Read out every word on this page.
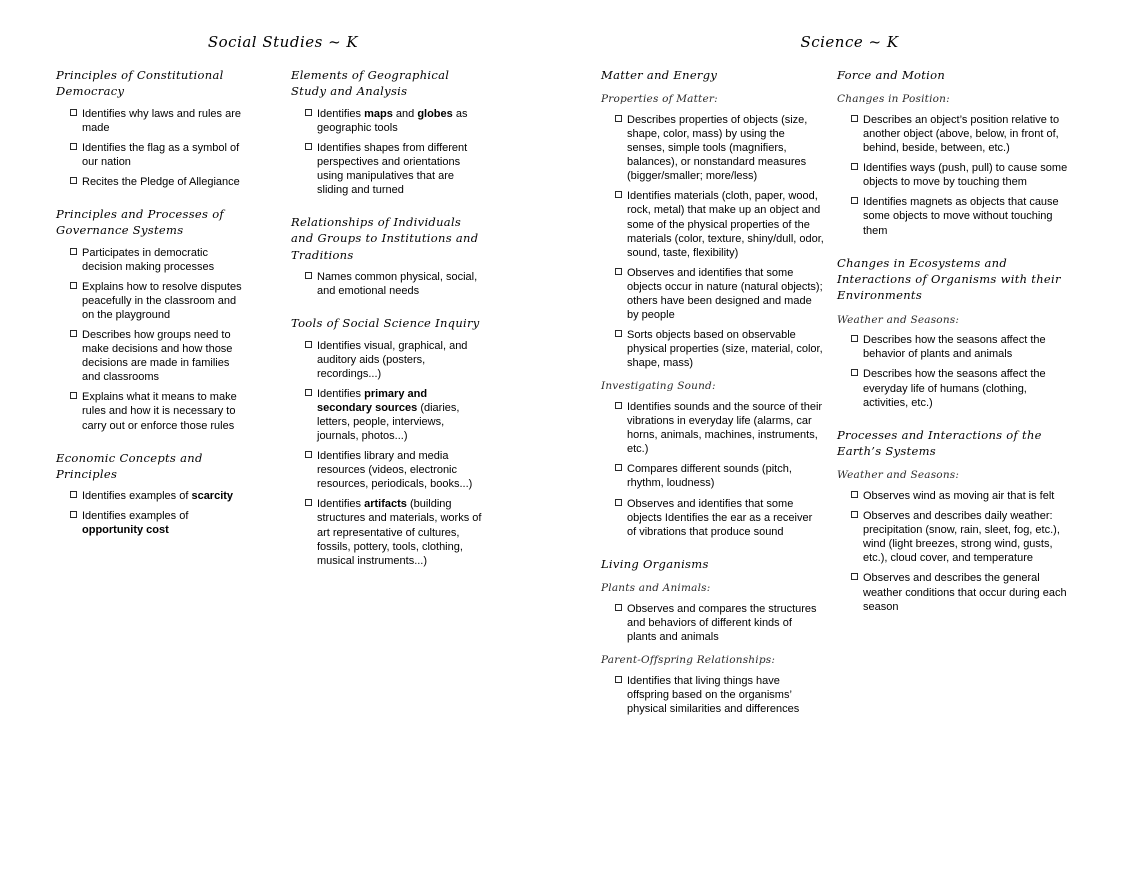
Social Studies ~ K
Principles of Constitutional Democracy
Identifies why laws and rules are made
Identifies the flag as a symbol of our nation
Recites the Pledge of Allegiance
Principles and Processes of Governance Systems
Participates in democratic decision making processes
Explains how to resolve disputes peacefully in the classroom and on the playground
Describes how groups need to make decisions and how those decisions are made in families and classrooms
Explains what it means to make rules and how it is necessary to carry out or enforce those rules
Economic Concepts and Principles
Identifies examples of scarcity
Identifies examples of opportunity cost
Elements of Geographical Study and Analysis
Identifies maps and globes as geographic tools
Identifies shapes from different perspectives and orientations using manipulatives that are sliding and turned
Relationships of Individuals and Groups to Institutions and Traditions
Names common physical, social, and emotional needs
Tools of Social Science Inquiry
Identifies visual, graphical, and auditory aids (posters, recordings...)
Identifies primary and secondary sources (diaries, letters, people, interviews, journals, photos...)
Identifies library and media resources (videos, electronic resources, periodicals, books...)
Identifies artifacts (building structures and materials, works of art representative of cultures, fossils, pottery, tools, clothing, musical instruments...)
Science ~ K
Matter and Energy
Properties of Matter:
Describes properties of objects (size, shape, color, mass) by using the senses, simple tools (magnifiers, balances), or nonstandard measures (bigger/smaller; more/less)
Identifies materials (cloth, paper, wood, rock, metal) that make up an object and some of the physical properties of the materials (color, texture, shiny/dull, odor, sound, taste, flexibility)
Observes and identifies that some objects occur in nature (natural objects); others have been designed and made by people
Sorts objects based on observable physical properties (size, material, color, shape, mass)
Investigating Sound:
Identifies sounds and the source of their vibrations in everyday life (alarms, car horns, animals, machines, instruments, etc.)
Compares different sounds (pitch, rhythm, loudness)
Observes and identifies that some objects Identifies the ear as a receiver of vibrations that produce sound
Living Organisms
Plants and Animals:
Observes and compares the structures and behaviors of different kinds of plants and animals
Parent-Offspring Relationships:
Identifies that living things have offspring based on the organisms’ physical similarities and differences
Force and Motion
Changes in Position:
Describes an object’s position relative to another object (above, below, in front of, behind, beside, between, etc.)
Identifies ways (push, pull) to cause some objects to move by touching them
Identifies magnets as objects that cause some objects to move without touching them
Changes in Ecosystems and Interactions of Organisms with their Environments
Weather and Seasons:
Describes how the seasons affect the behavior of plants and animals
Describes how the seasons affect the everyday life of humans (clothing, activities, etc.)
Processes and Interactions of the Earth’s Systems
Weather and Seasons:
Observes wind as moving air that is felt
Observes and describes daily weather: precipitation (snow, rain, sleet, fog, etc.), wind (light breezes, strong wind, gusts, etc.), cloud cover, and temperature
Observes and describes the general weather conditions that occur during each season
